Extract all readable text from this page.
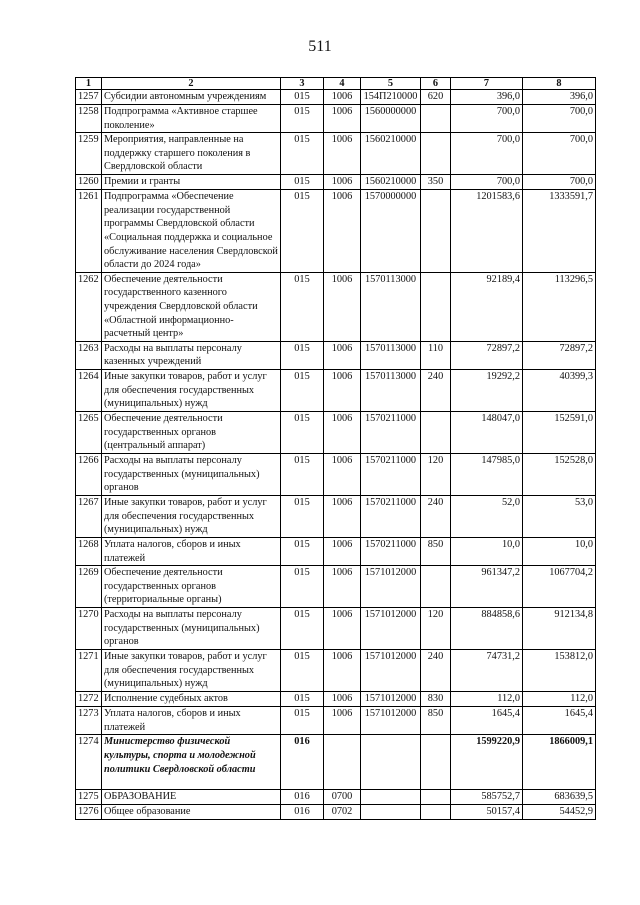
511
1	2	3	4	5	6	7	8
1257	Субсидии автономным учреждениям	015	1006	154П210000	620	396,0	396,0
1258	Подпрограмма «Активное старшее поколение»	015	1006	1560000000		700,0	700,0
1259	Мероприятия, направленные на поддержку старшего поколения в Свердловской области	015	1006	1560210000		700,0	700,0
1260	Премии и гранты	015	1006	1560210000	350	700,0	700,0
1261	Подпрограмма «Обеспечение реализации государственной программы Свердловской области «Социальная поддержка и социальное обслуживание населения Свердловской области до 2024 года»	015	1006	1570000000		1201583,6	1333591,7
1262	Обеспечение деятельности государственного казенного учреждения Свердловской области «Областной информационно-расчетный центр»	015	1006	1570113000		92189,4	113296,5
1263	Расходы на выплаты персоналу казенных учреждений	015	1006	1570113000	110	72897,2	72897,2
1264	Иные закупки товаров, работ и услуг для обеспечения государственных (муниципальных) нужд	015	1006	1570113000	240	19292,2	40399,3
1265	Обеспечение деятельности государственных органов (центральный аппарат)	015	1006	1570211000		148047,0	152591,0
1266	Расходы на выплаты персоналу государственных (муниципальных) органов	015	1006	1570211000	120	147985,0	152528,0
1267	Иные закупки товаров, работ и услуг для обеспечения государственных (муниципальных) нужд	015	1006	1570211000	240	52,0	53,0
1268	Уплата налогов, сборов и иных платежей	015	1006	1570211000	850	10,0	10,0
1269	Обеспечение деятельности государственных органов (территориальные органы)	015	1006	1571012000		961347,2	1067704,2
1270	Расходы на выплаты персоналу государственных (муниципальных) органов	015	1006	1571012000	120	884858,6	912134,8
1271	Иные закупки товаров, работ и услуг для обеспечения государственных (муниципальных) нужд	015	1006	1571012000	240	74731,2	153812,0
1272	Исполнение судебных актов	015	1006	1571012000	830	112,0	112,0
1273	Уплата налогов, сборов и иных платежей	015	1006	1571012000	850	1645,4	1645,4
1274	Министерство физической культуры, спорта и молодежной политики Свердловской области	016				1599220,9	1866009,1
1275	ОБРАЗОВАНИЕ	016	0700			585752,7	683639,5
1276	Общее образование	016	0702			50157,4	54452,9
